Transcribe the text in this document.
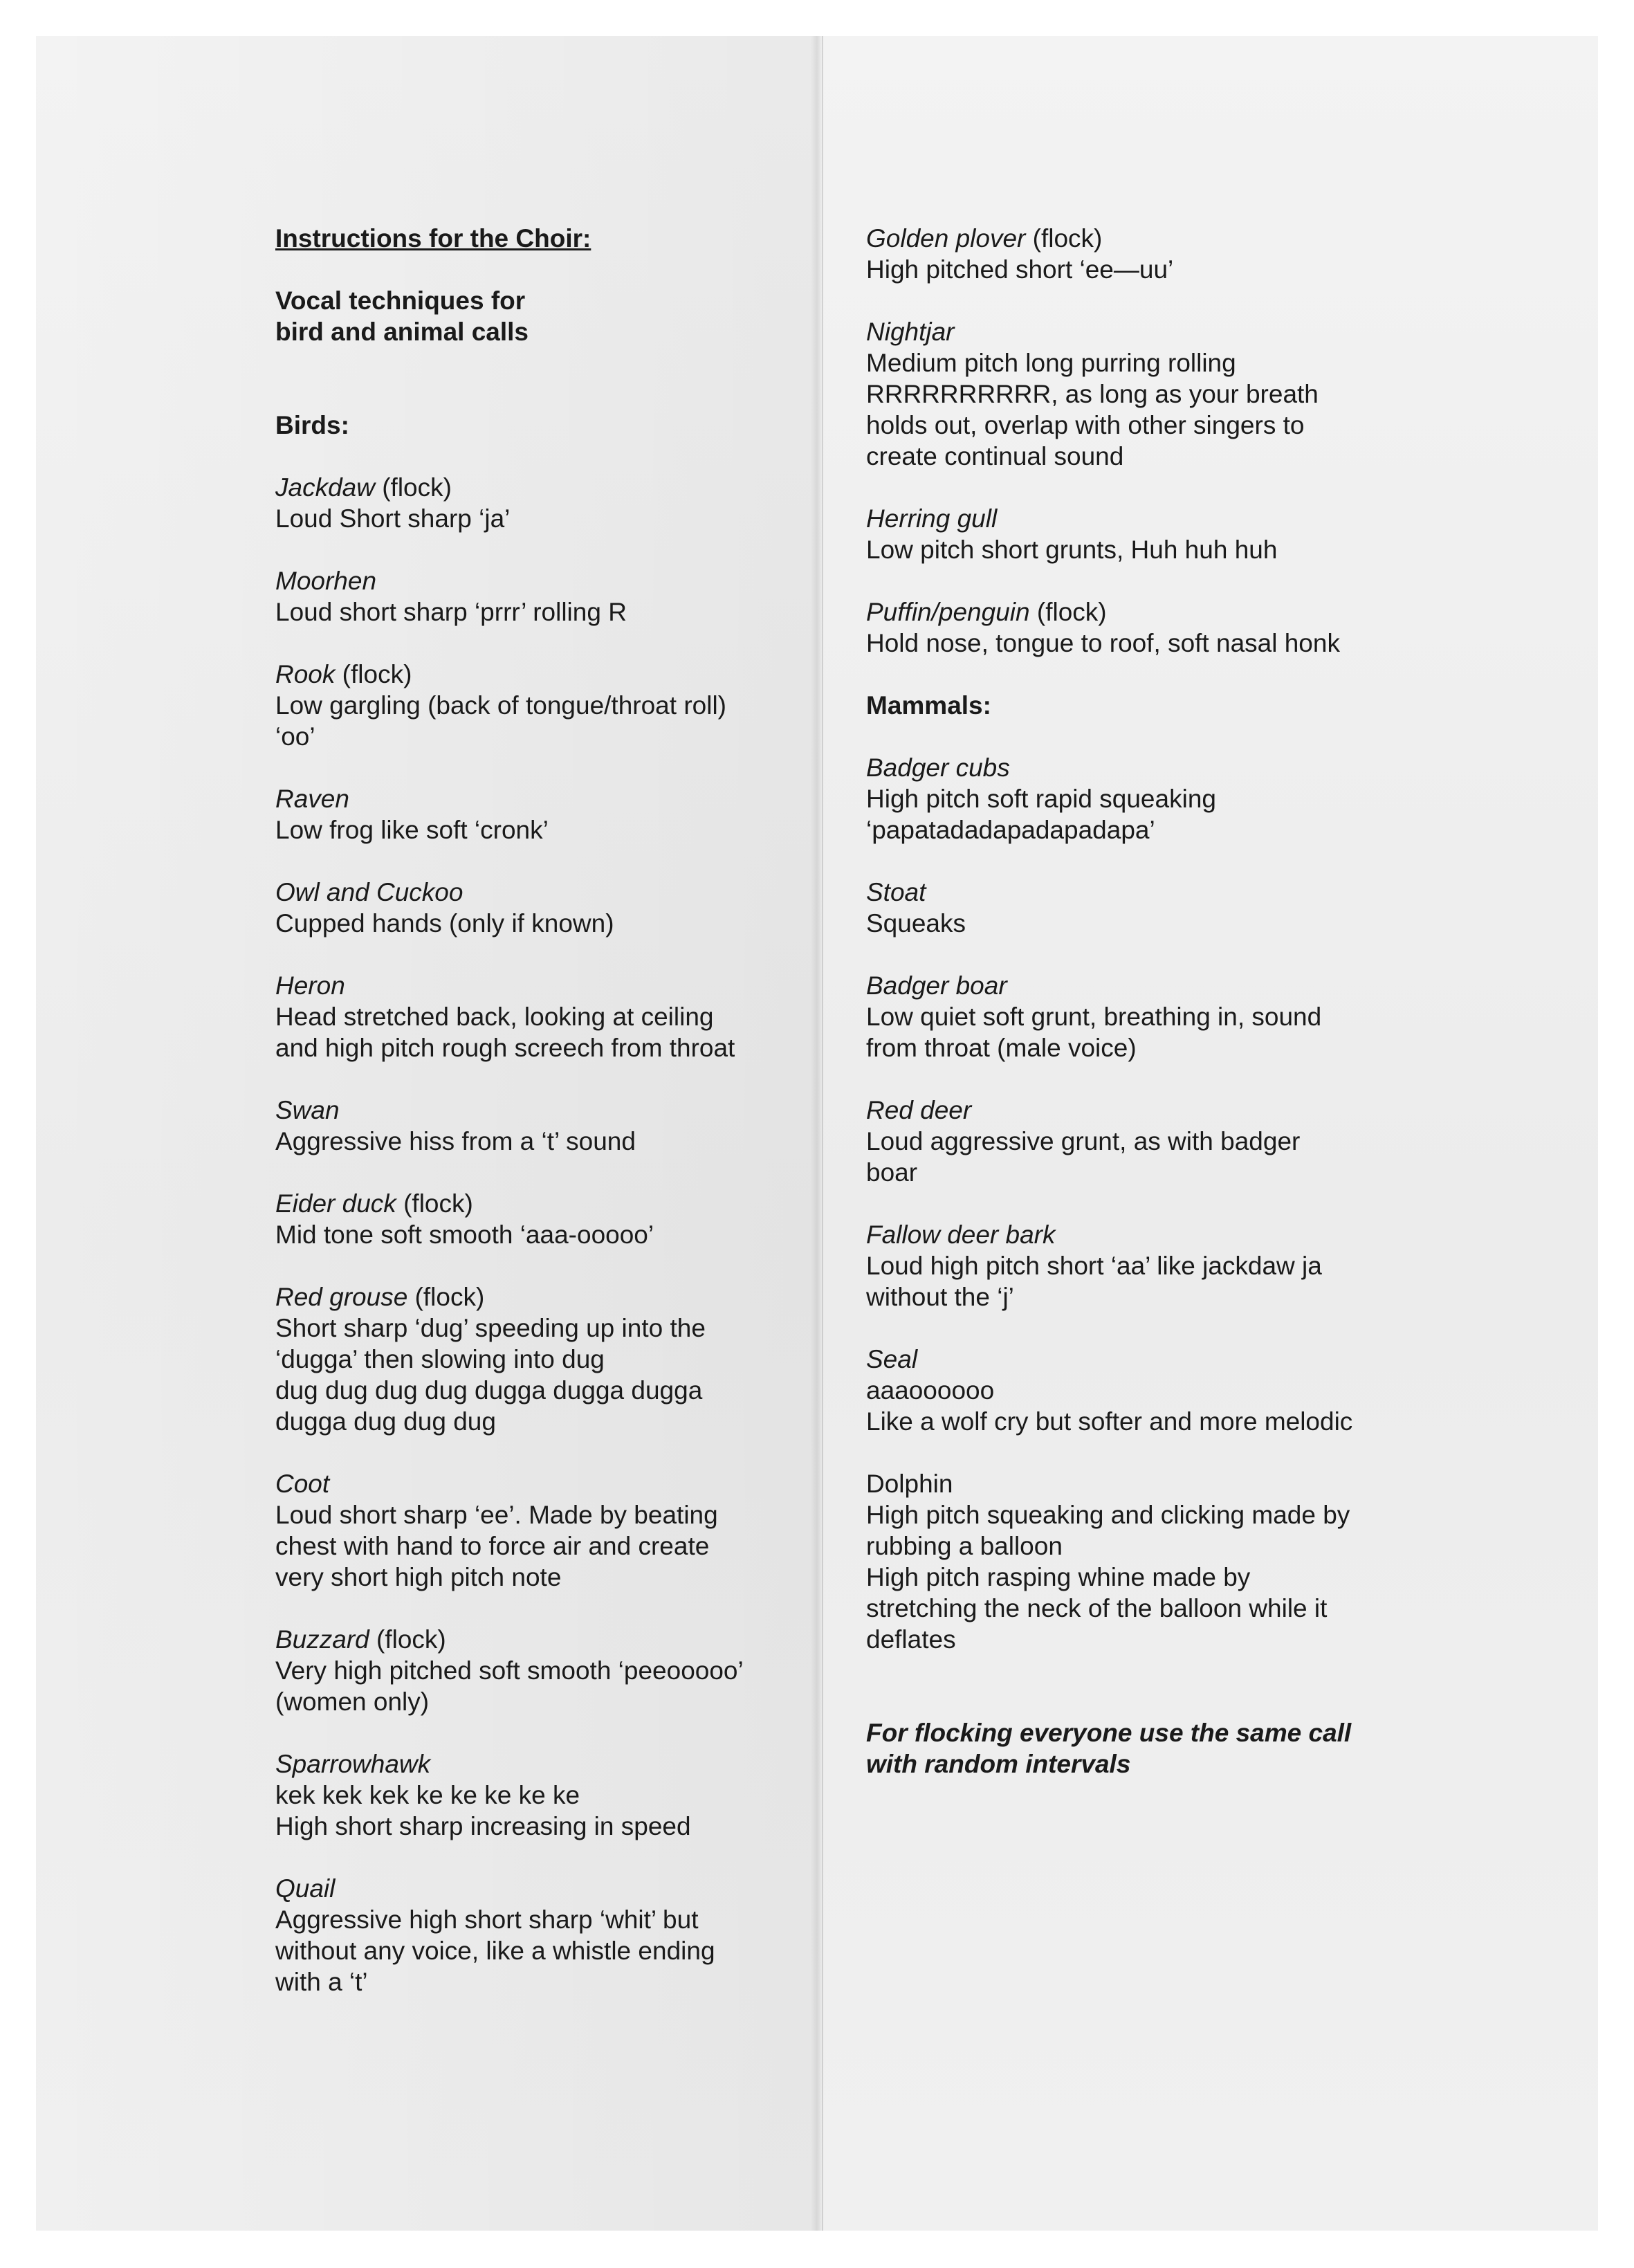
Instructions for the Choir:
Vocal techniques for
bird and animal calls
Birds:
Jackdaw (flock)
Loud Short sharp ‘ja’
Moorhen
Loud short sharp ‘prrr’ rolling R
Rook (flock)
Low gargling (back of tongue/throat roll)
‘oo’
Raven
Low frog like soft ‘cronk’
Owl and Cuckoo
Cupped hands (only if known)
Heron
Head stretched back, looking at ceiling
and high pitch rough screech from throat
Swan
Aggressive hiss from a ‘t’ sound
Eider duck (flock)
Mid tone soft smooth ‘aaa-ooooo’
Red grouse (flock)
Short sharp ‘dug’ speeding up into the
‘dugga’ then slowing into dug
dug dug dug dug dugga dugga dugga
dugga dug dug dug
Coot
Loud short sharp ‘ee’. Made by beating
chest with hand to force air and create
very short high pitch note
Buzzard (flock)
Very high pitched soft smooth ‘peeooooo’
(women only)
Sparrowhawk
kek kek kek ke ke ke ke ke
High short sharp increasing in speed
Quail
Aggressive high short sharp ‘whit’ but
without any voice, like a whistle ending
with a ‘t’
Golden plover (flock)
High pitched short ‘ee—uu’
Nightjar
Medium pitch long purring rolling
RRRRRRRRRR, as long as your breath
holds out, overlap with other singers to
create continual sound
Herring gull
Low pitch short grunts, Huh huh huh
Puffin/penguin (flock)
Hold nose, tongue to roof, soft nasal honk
Mammals:
Badger cubs
High pitch soft rapid squeaking
‘papatadadapadapadapa’
Stoat
Squeaks
Badger boar
Low quiet soft grunt, breathing in, sound
from throat (male voice)
Red deer
Loud aggressive grunt, as with badger
boar
Fallow deer bark
Loud high pitch short ‘aa’ like jackdaw ja
without the ‘j’
Seal
aaaoooooo
Like a wolf cry but softer and more melodic
Dolphin
High pitch squeaking and clicking made by
rubbing a balloon
High pitch rasping whine made by
stretching the neck of the balloon while it
deflates
For flocking everyone use the same call
with random intervals
